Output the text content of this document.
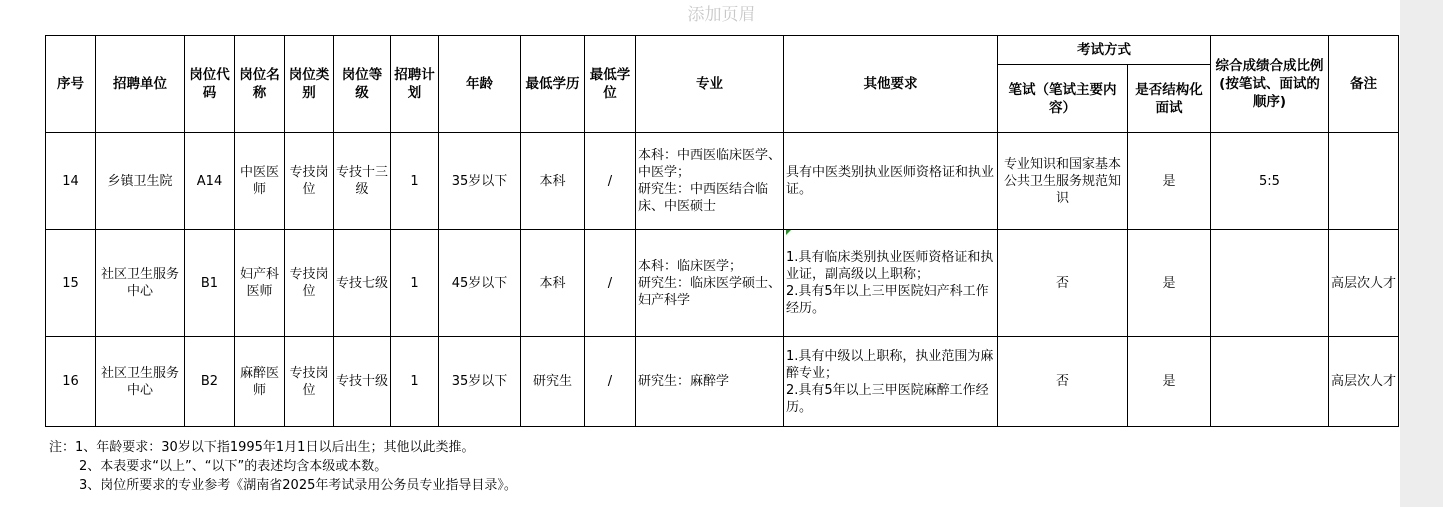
添加页眉
序号	招聘单位	岗位代码	岗位名称	岗位类别	岗位等级	招聘计划	年龄	最低学历	最低学位	专业	其他要求	考试方式		综合成绩合成比例(按笔试、面试的顺序)	备注
												笔试（笔试主要内容）	是否结构化面试		
14	乡镇卫生院	A14	中医医师	专技岗位	专技十三级	1	35岁以下	本科	/	本科：中西医临床医学、中医学；
研究生：中西医结合临床、中医硕士	具有中医类别执业医师资格证和执业证。	专业知识和国家基本公共卫生服务规范知识	是	5:5	
15	社区卫生服务中心	B1	妇产科医师	专技岗位	专技七级	1	45岁以下	本科	/	本科：临床医学；
研究生：临床医学硕士、妇产科学	1.具有临床类别执业医师资格证和执业证，副高级以上职称；
2.具有5年以上三甲医院妇产科工作经历。	否	是		高层次人才
16	社区卫生服务中心	B2	麻醉医师	专技岗位	专技十级	1	35岁以下	研究生	/	研究生：麻醉学	1.具有中级以上职称，执业范围为麻醉专业；
2.具有5年以上三甲医院麻醉工作经历。	否	是		高层次人才
注：1、年龄要求：30岁以下指1995年1月1日以后出生；其他以此类推。
2、本表要求“以上”、“以下”的表述均含本级或本数。
3、岗位所要求的专业参考《湖南省2025年考试录用公务员专业指导目录》。
